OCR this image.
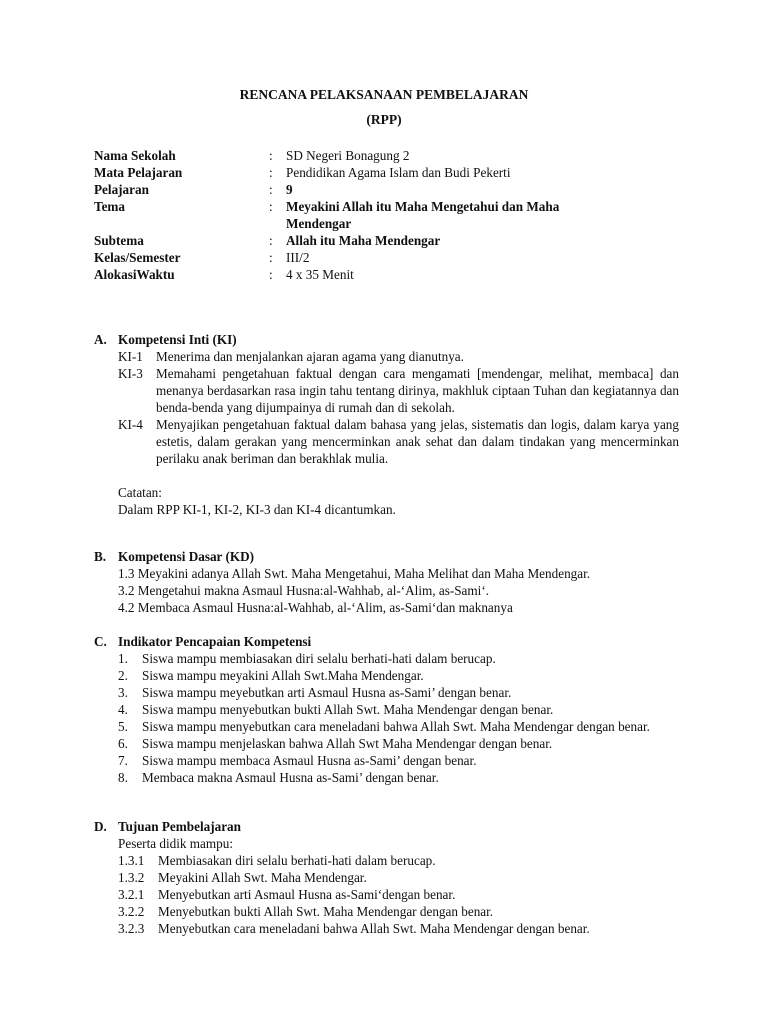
RENCANA PELAKSANAAN PEMBELAJARAN
(RPP)
Nama Sekolah	:	SD Negeri Bonagung 2
Mata Pelajaran	:	Pendidikan Agama Islam dan Budi Pekerti
Pelajaran	:	9
Tema	:	Meyakini Allah itu Maha Mengetahui dan Maha Mendengar
Subtema	:	Allah itu Maha Mendengar
Kelas/Semester	:	III/2
AlokasiWaktu	:	4 x 35 Menit
A. Kompetensi Inti (KI)
KI-1 Menerima dan menjalankan ajaran agama yang dianutnya.
KI-3 Memahami pengetahuan faktual dengan cara mengamati [mendengar, melihat, membaca] dan menanya berdasarkan rasa ingin tahu tentang dirinya, makhluk ciptaan Tuhan dan kegiatannya dan benda-benda yang dijumpainya di rumah dan di sekolah.
KI-4 Menyajikan pengetahuan faktual dalam bahasa yang jelas, sistematis dan logis, dalam karya yang estetis, dalam gerakan yang mencerminkan anak sehat dan dalam tindakan yang mencerminkan perilaku anak beriman dan berakhlak mulia.
Catatan:
Dalam RPP KI-1, KI-2, KI-3 dan KI-4 dicantumkan.
B. Kompetensi Dasar (KD)
1.3 Meyakini adanya Allah Swt. Maha Mengetahui, Maha Melihat dan Maha Mendengar.
3.2 Mengetahui makna Asmaul Husna:al-Wahhab, al-‘Alim, as-Sami‘.
4.2 Membaca Asmaul Husna:al-Wahhab, al-‘Alim, as-Sami‘dan maknanya
C. Indikator Pencapaian Kompetensi
1.	Siswa mampu membiasakan diri selalu berhati-hati dalam berucap.
2.	Siswa mampu meyakini Allah Swt.Maha Mendengar.
3.	Siswa mampu meyebutkan arti Asmaul Husna as-Sami’ dengan benar.
4.	Siswa mampu menyebutkan bukti Allah Swt. Maha Mendengar dengan benar.
5.	Siswa mampu menyebutkan cara meneladani bahwa Allah Swt. Maha Mendengar dengan benar.
6.	Siswa mampu menjelaskan bahwa Allah Swt Maha Mendengar dengan benar.
7.	Siswa mampu membaca Asmaul Husna as-Sami’ dengan benar.
8.	Membaca makna Asmaul Husna as-Sami’ dengan benar.
D. Tujuan Pembelajaran
Peserta didik mampu:
1.3.1	Membiasakan diri selalu berhati-hati dalam berucap.
1.3.2	Meyakini Allah Swt. Maha Mendengar.
3.2.1	Menyebutkan arti Asmaul Husna as-Sami‘dengan benar.
3.2.2	Menyebutkan bukti Allah Swt. Maha Mendengar dengan benar.
3.2.3	Menyebutkan cara meneladani bahwa Allah Swt. Maha Mendengar dengan benar.
